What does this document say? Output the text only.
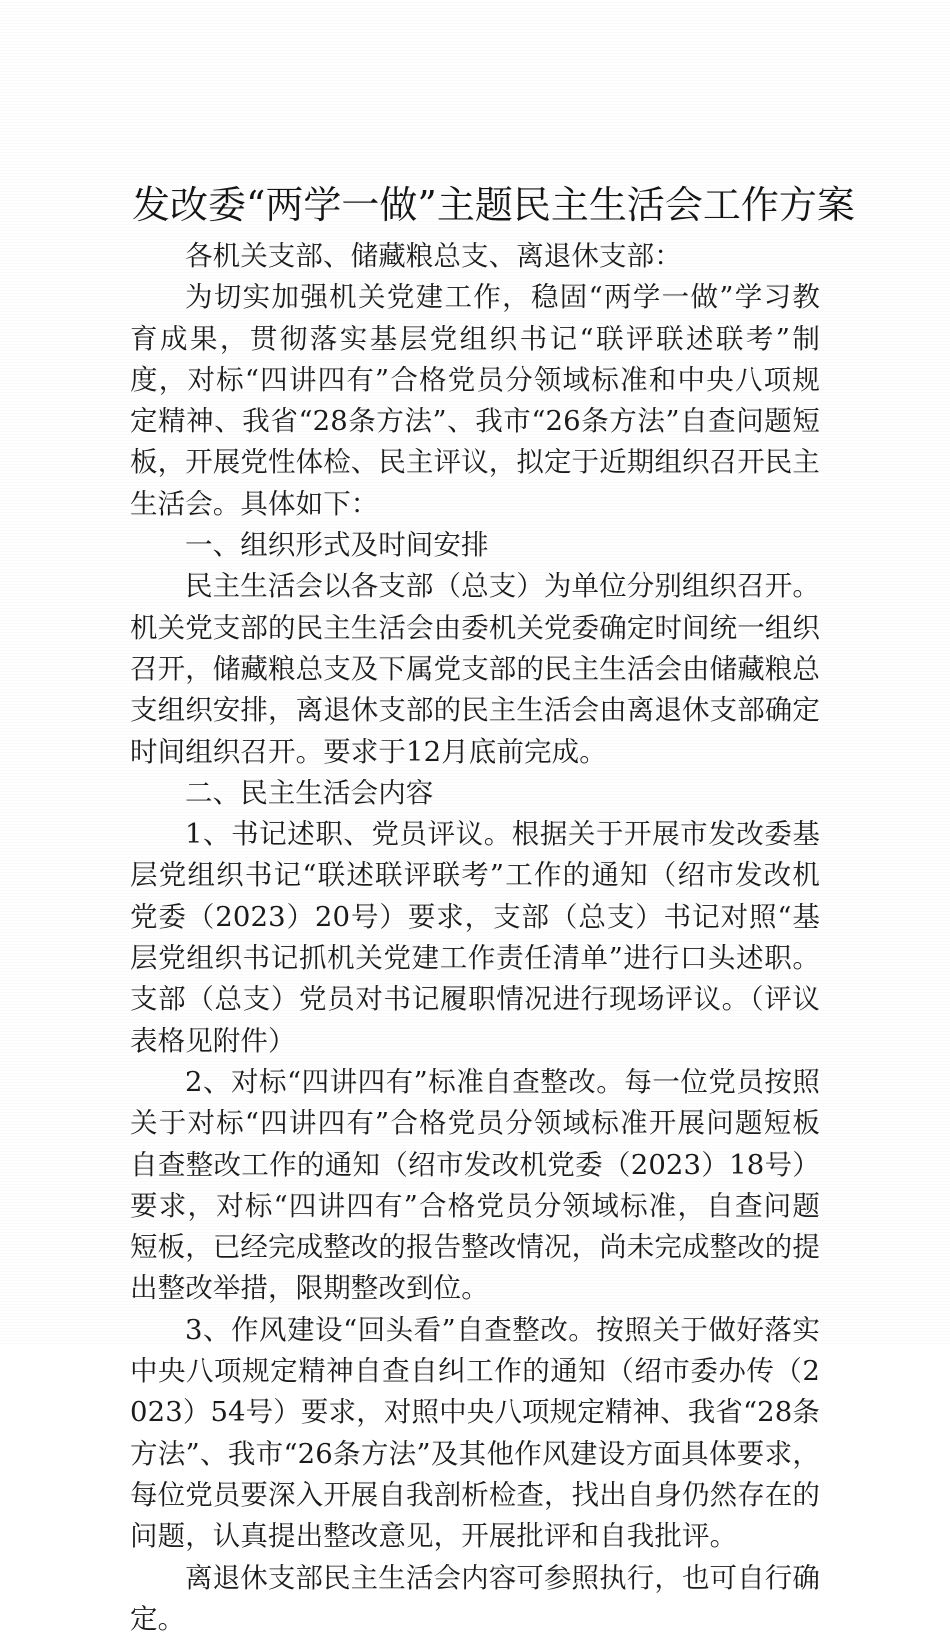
发改委“两学一做”主题民主生活会工作方案

各机关支部、储藏粮总支、离退休支部：

为切实加强机关党建工作，稳固“两学一做”学习教育成果，贯彻落实基层党组织书记“联评联述联考”制度，对标“四讲四有”合格党员分领域标准和中央八项规定精神、我省“28条方法”、我市“26条方法”自查问题短板，开展党性体检、民主评议，拟定于近期组织召开民主生活会。具体如下：

一、组织形式及时间安排

民主生活会以各支部（总支）为单位分别组织召开。机关党支部的民主生活会由委机关党委确定时间统一组织召开，储藏粮总支及下属党支部的民主生活会由储藏粮总支组织安排，离退休支部的民主生活会由离退休支部确定时间组织召开。要求于12月底前完成。

二、民主生活会内容

1、书记述职、党员评议。根据关于开展市发改委基层党组织书记“联述联评联考”工作的通知（绍市发改机党委（2023）20号）要求，支部（总支）书记对照“基层党组织书记抓机关党建工作责任清单”进行口头述职。支部（总支）党员对书记履职情况进行现场评议。（评议表格见附件）

2、对标“四讲四有”标准自查整改。每一位党员按照关于对标“四讲四有”合格党员分领域标准开展问题短板自查整改工作的通知（绍市发改机党委（2023）18号）要求，对标“四讲四有”合格党员分领域标准，自查问题短板，已经完成整改的报告整改情况，尚未完成整改的提出整改举措，限期整改到位。

3、作风建设“回头看”自查整改。按照关于做好落实中央八项规定精神自查自纠工作的通知（绍市委办传（2023）54号）要求，对照中央八项规定精神、我省“28条方法”、我市“26条方法”及其他作风建设方面具体要求，每位党员要深入开展自我剖析检查，找出自身仍然存在的问题，认真提出整改意见，开展批评和自我批评。

离退休支部民主生活会内容可参照执行，也可自行确定。
